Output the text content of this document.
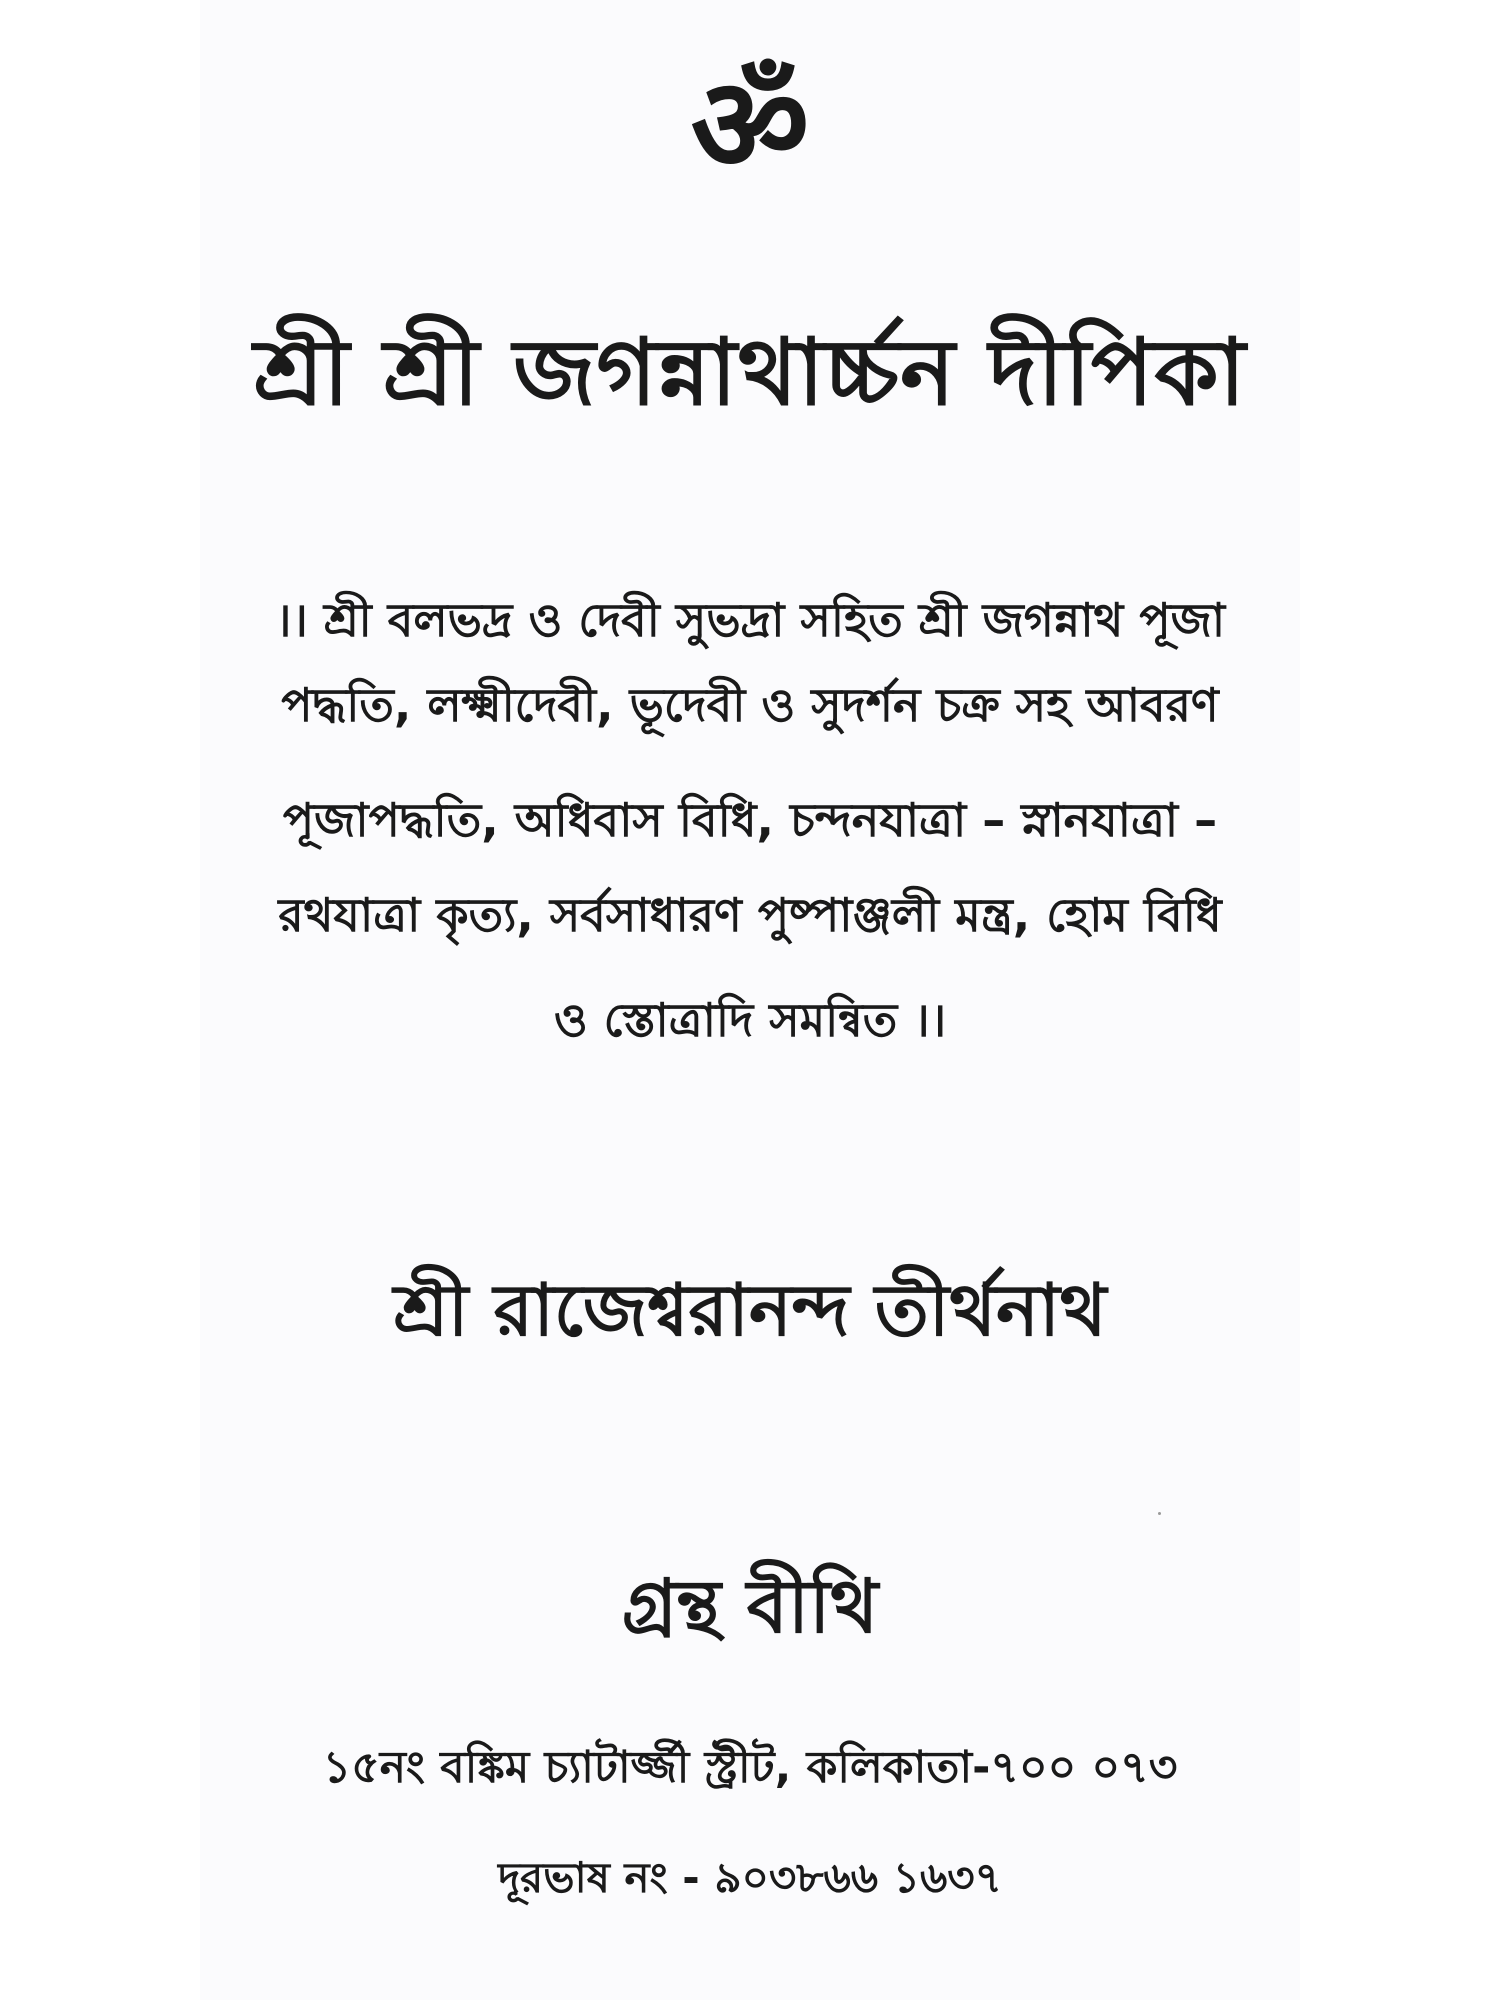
ॐ
শ্রী শ্রী জগন্নাথার্চ্চন দীপিকা
।। শ্রী বলভদ্র ও দেবী সুভদ্রা সহিত শ্রী জগন্নাথ পূজা
পদ্ধতি, লক্ষ্মীদেবী, ভূদেবী ও সুদর্শন চক্র সহ আবরণ
পূজাপদ্ধতি, অধিবাস বিধি, চন্দনযাত্রা – স্নানযাত্রা –
রথযাত্রা কৃত্য, সর্বসাধারণ পুষ্পাঞ্জলী মন্ত্র, হোম বিধি
ও স্তোত্রাদি সমন্বিত ।।
শ্রী রাজেশ্বরানন্দ তীর্থনাথ
গ্রন্থ বীথি
১৫নং বঙ্কিম চ্যাটার্জ্জী স্ট্রীট, কলিকাতা-৭০০ ০৭৩
দূরভাষ নং - ৯০৩৮৬৬ ১৬৩৭
